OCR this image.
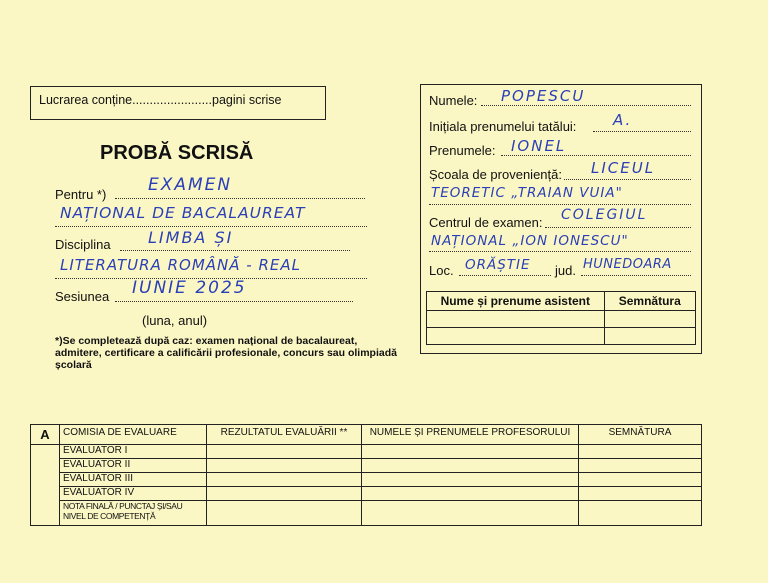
Lucrarea conține.......................pagini scrise
PROBĂ SCRISĂ
Pentru *) EXAMEN
NAȚIONAL DE BACALAUREAT
Disciplina LIMBA ȘI
LITERATURA ROMÂNĂ - REAL
Sesiunea IUNIE 2025
(luna, anul)
*)Se completează după caz: examen național de bacalaureat, admitere, certificare a calificării profesionale, concurs sau olimpiadă școlară
Numele: POPESCU
Inițiala prenumelui tatălui: A.
Prenumele: IONEL
Școala de proveniență: LICEUL
TEORETIC „TRAIAN VUIA"
Centrul de examen: COLEGIUL
NAȚIONAL „ION IONESCU"
Loc. ORĂȘTIE jud. HUNEDOARA
Nume și prenume asistent	Semnătura

A	COMISIA DE EVALUARE	REZULTATUL EVALUĂRII **	NUMELE ȘI PRENUMELE PROFESORULUI	SEMNĂTURA
	EVALUATOR I			
	EVALUATOR II			
	EVALUATOR III			
	EVALUATOR IV			
	NOTA FINALĂ / PUNCTAJ ȘI/SAU NIVEL DE COMPETENȚĂ			
